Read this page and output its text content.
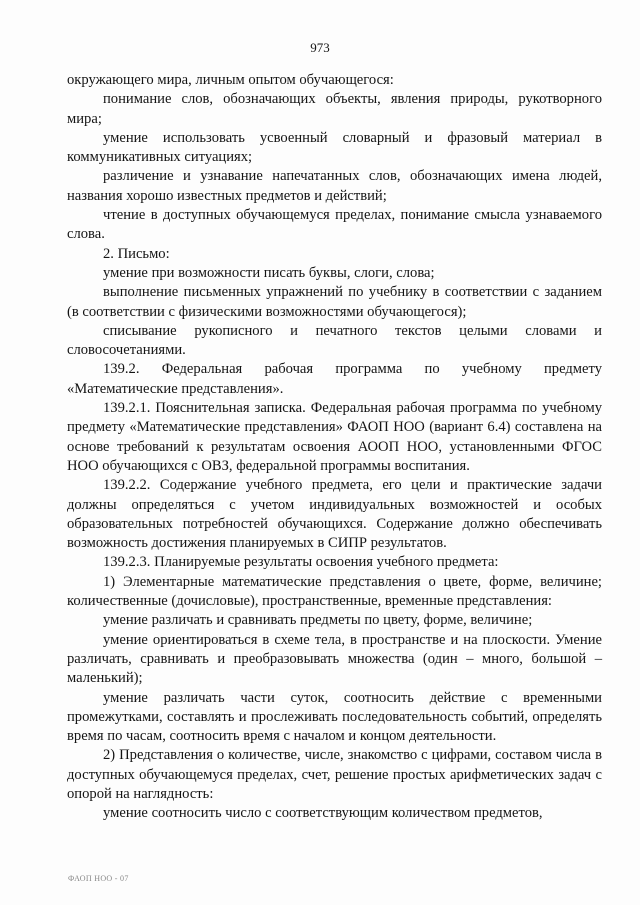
973

окружающего мира, личным опытом обучающегося:

понимание слов, обозначающих объекты, явления природы, рукотворного мира;

умение использовать усвоенный словарный и фразовый материал в коммуникативных ситуациях;

различение и узнавание напечатанных слов, обозначающих имена людей, названия хорошо известных предметов и действий;

чтение в доступных обучающемуся пределах, понимание смысла узнаваемого слова.

2. Письмо:

умение при возможности писать буквы, слоги, слова;

выполнение письменных упражнений по учебнику в соответствии с заданием (в соответствии с физическими возможностями обучающегося);

списывание рукописного и печатного текстов целыми словами и словосочетаниями.

139.2. Федеральная рабочая программа по учебному предмету «Математические представления».

139.2.1. Пояснительная записка. Федеральная рабочая программа по учебному предмету «Математические представления» ФАОП НОО (вариант 6.4) составлена на основе требований к результатам освоения АООП НОО, установленными ФГОС НОО обучающихся с ОВЗ, федеральной программы воспитания.

139.2.2. Содержание учебного предмета, его цели и практические задачи должны определяться с учетом индивидуальных возможностей и особых образовательных потребностей обучающихся. Содержание должно обеспечивать возможность достижения планируемых в СИПР результатов.

139.2.3. Планируемые результаты освоения учебного предмета:

1) Элементарные математические представления о цвете, форме, величине; количественные (дочисловые), пространственные, временные представления:

умение различать и сравнивать предметы по цвету, форме, величине;

умение ориентироваться в схеме тела, в пространстве и на плоскости. Умение различать, сравнивать и преобразовывать множества (один – много, большой – маленький);

умение различать части суток, соотносить действие с временными промежутками, составлять и прослеживать последовательность событий, определять время по часам, соотносить время с началом и концом деятельности.

2) Представления о количестве, числе, знакомство с цифрами, составом числа в доступных обучающемуся пределах, счет, решение простых арифметических задач с опорой на наглядность:

умение соотносить число с соответствующим количеством предметов,

ФАОП НОО - 07
